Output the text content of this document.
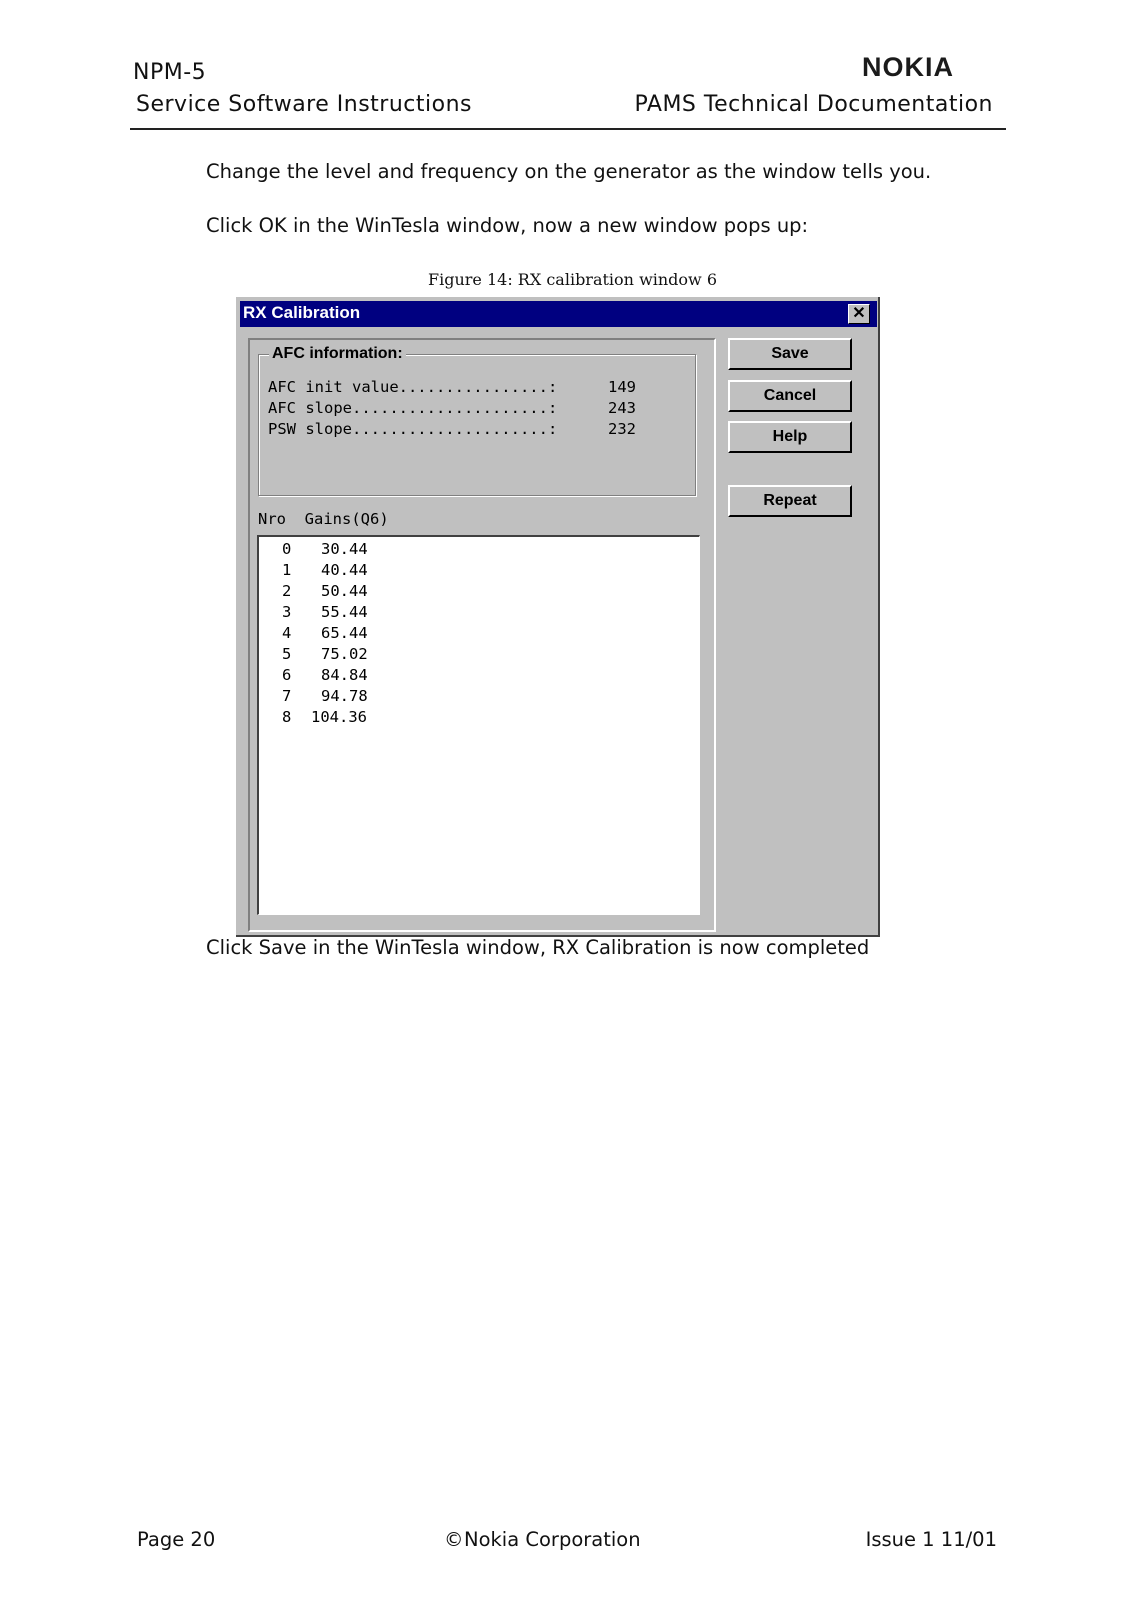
NPM-5
Service Software Instructions
NOKIA
PAMS Technical Documentation
Change the level and frequency on the generator as the window tells you.
Click OK in the WinTesla window, now a new window pops up:
Figure 14: RX calibration window 6
RX Calibration	✕
AFC information:
AFC init value................:	149
AFC slope.....................:	243
PSW slope.....................:	232
Nro  Gains(Q6)
0 30.44
1 40.44
2 50.44
3 55.44
4 65.44
5 75.02
6 84.84
7 94.78
8 104.36
Save
Cancel
Help
Repeat
Click Save in the WinTesla window, RX Calibration is now completed
Page 20	© Nokia Corporation	Issue 1 11/01
